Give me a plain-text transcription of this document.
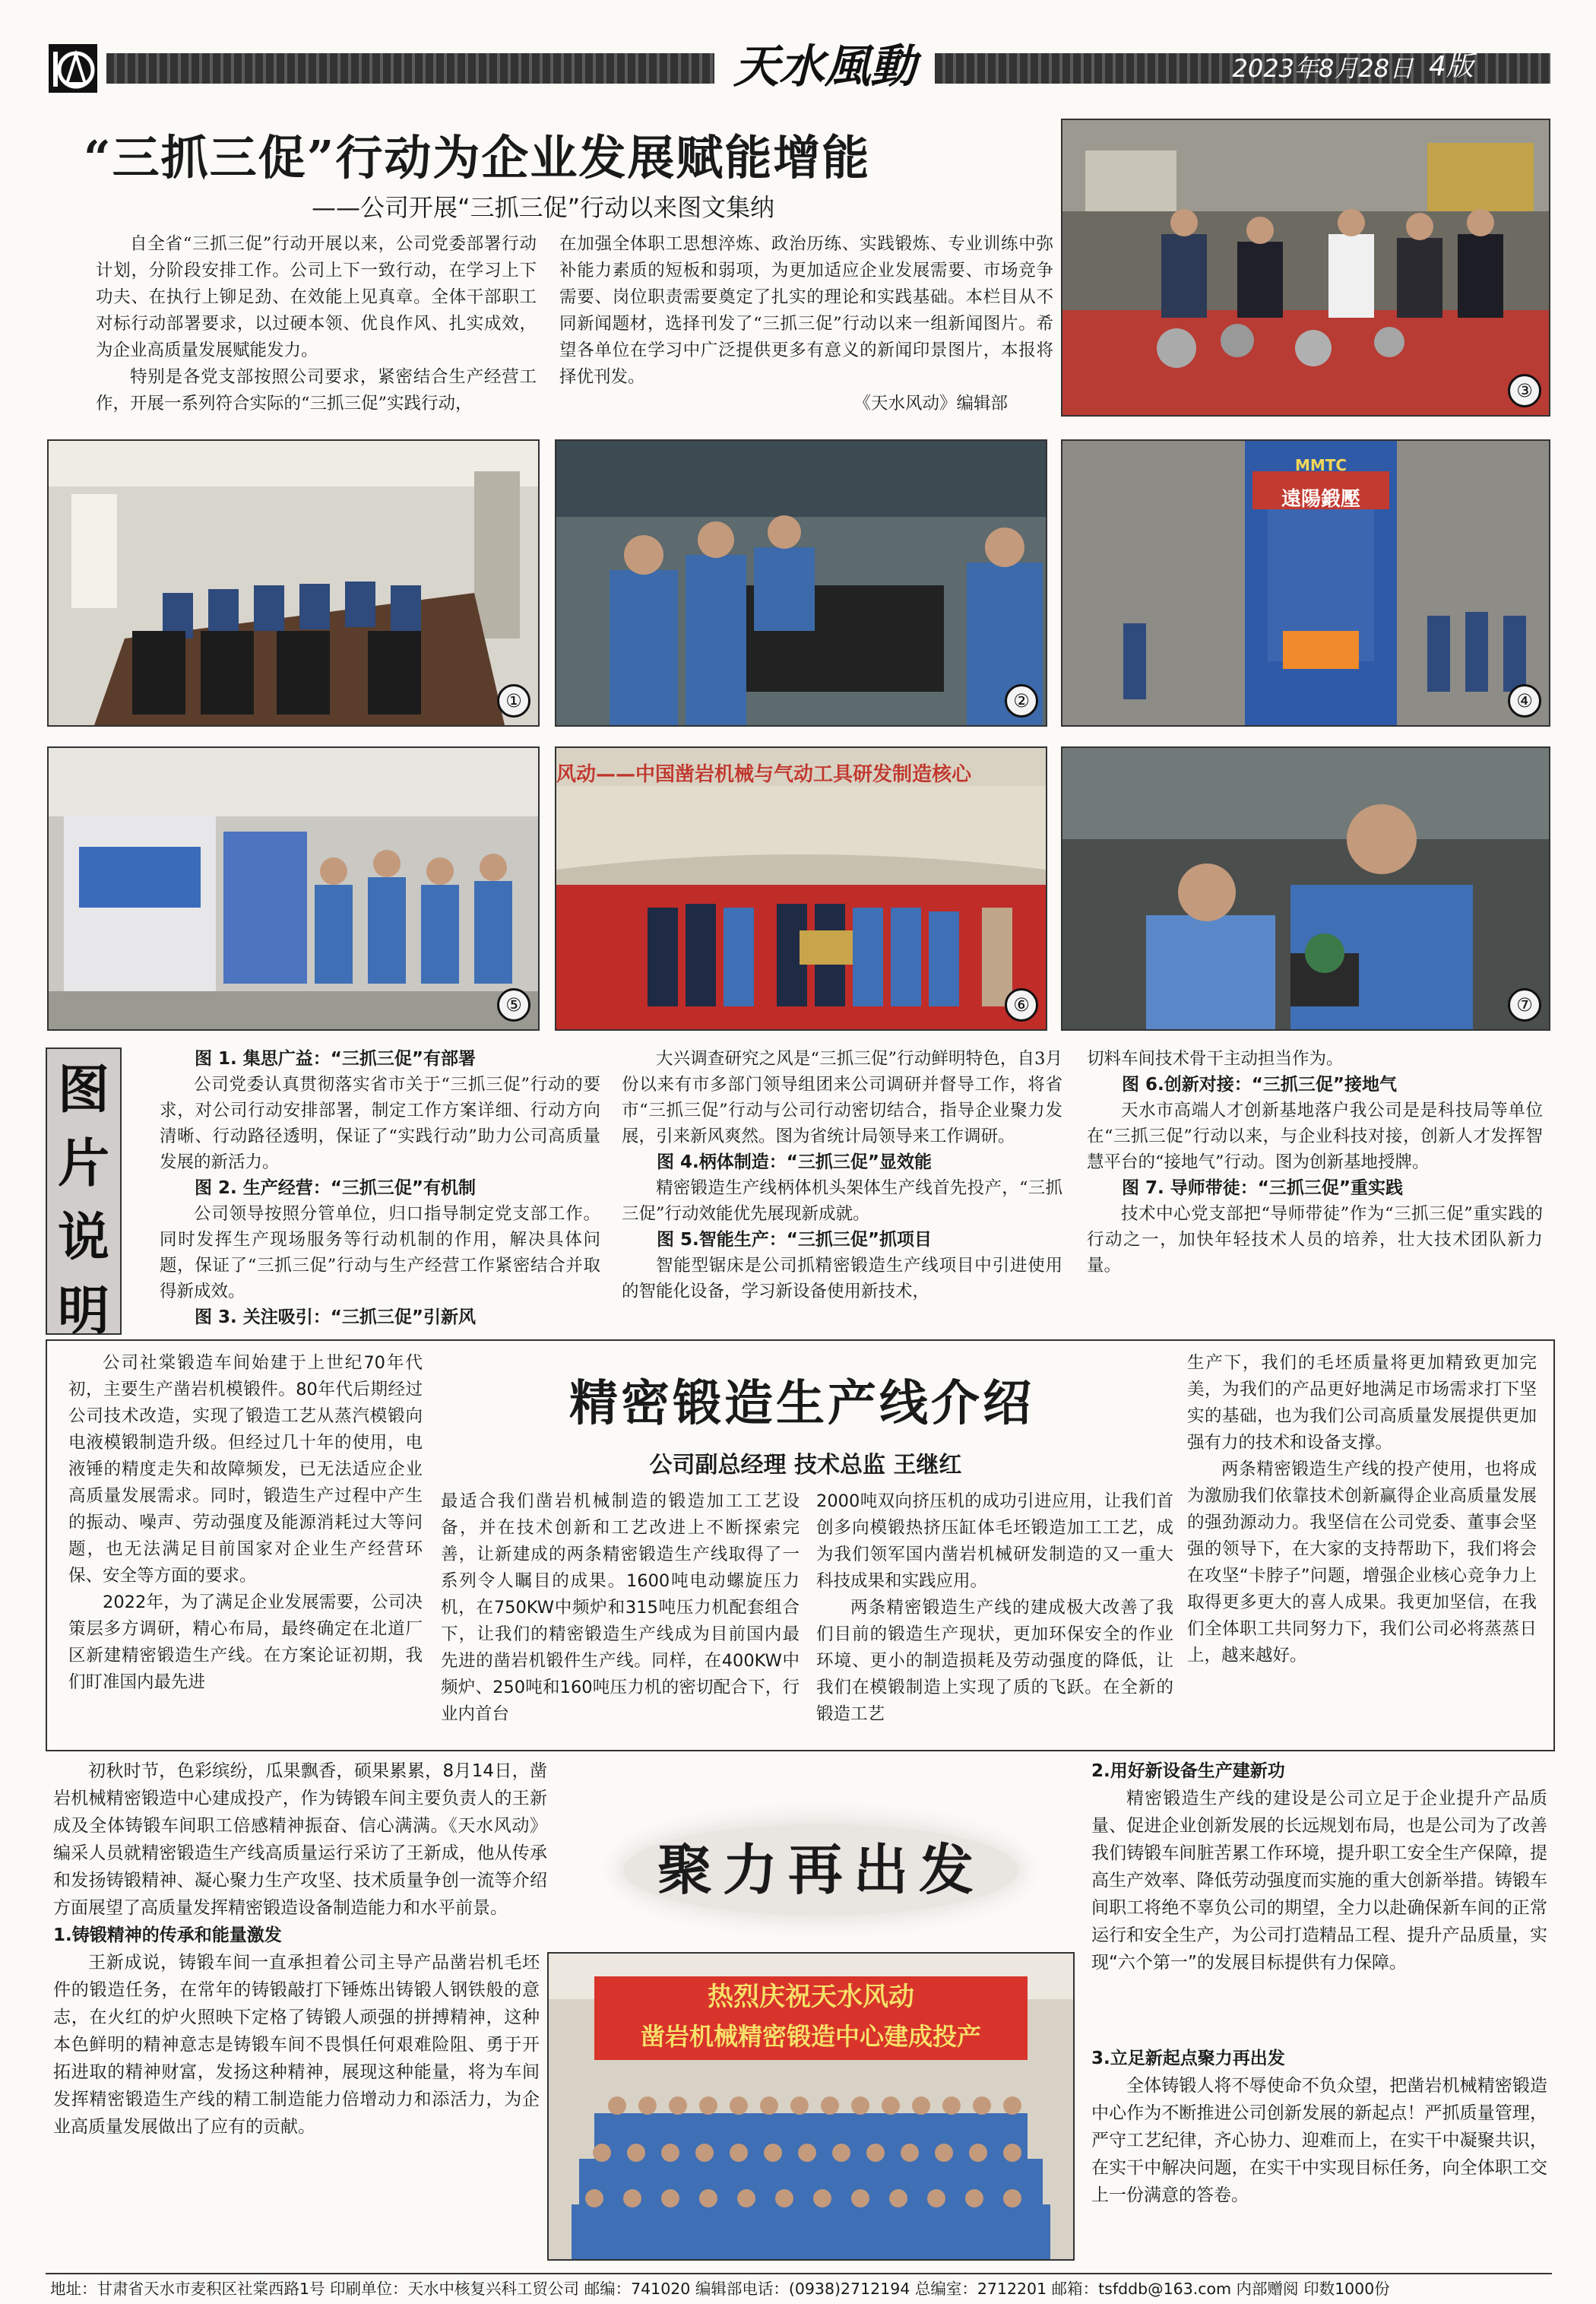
天水風動	2023年8月28日 4版
“三抓三促”行动为企业发展赋能增能
——公司开展“三抓三促”行动以来图文集纳

自全省“三抓三促”行动开展以来，公司党委部署行动计划，分阶段安排工作。公司上下一致行动，在学习上下功夫、在执行上铆足劲、在效能上见真章。全体干部职工对标行动部署要求，以过硬本领、优良作风、扎实成效，为企业高质量发展赋能发力。

特别是各党支部按照公司要求，紧密结合生产经营工作，开展一系列符合实际的“三抓三促”实践行动，

在加强全体职工思想淬炼、政治历练、实践锻炼、专业训练中弥补能力素质的短板和弱项，为更加适应企业发展需要、市场竞争需要、岗位职责需要奠定了扎实的理论和实践基础。本栏目从不同新闻题材，选择刊发了“三抓三促”行动以来一组新闻图片。希望各单位在学习中广泛提供更多有意义的新闻印景图片，本报将择优刊发。

《天水风动》编辑部

③
①	②
遠陽鍛壓
MMTC
④
⑤
风动——中国凿岩机械与气动工具研发制造核心
⑥	⑦
图
片
说
明

图 1. 集思广益：“三抓三促”有部署

公司党委认真贯彻落实省市关于“三抓三促”行动的要求，对公司行动安排部署，制定工作方案详细、行动方向清晰、行动路径透明，保证了“实践行动”助力公司高质量发展的新活力。

图 2. 生产经营：“三抓三促”有机制

公司领导按照分管单位，归口指导制定党支部工作。同时发挥生产现场服务等行动机制的作用，解决具体问题，保证了“三抓三促”行动与生产经营工作紧密结合并取得新成效。

图 3. 关注吸引：“三抓三促”引新风

大兴调查研究之风是“三抓三促”行动鲜明特色，自3月份以来有市多部门领导组团来公司调研并督导工作，将省市“三抓三促”行动与公司行动密切结合，指导企业聚力发展，引来新风爽然。图为省统计局领导来工作调研。

图 4.柄体制造：“三抓三促”显效能

精密锻造生产线柄体机头架体生产线首先投产，“三抓三促”行动效能优先展现新成就。

图 5.智能生产：“三抓三促”抓项目

智能型锯床是公司抓精密锻造生产线项目中引进使用的智能化设备，学习新设备使用新技术，

切料车间技术骨干主动担当作为。

图 6.创新对接：“三抓三促”接地气

天水市高端人才创新基地落户我公司是是科技局等单位在“三抓三促”行动以来，与企业科技对接，创新人才发挥智慧平台的“接地气”行动。图为创新基地授牌。

图 7. 导师带徒：“三抓三促”重实践

技术中心党支部把“导师带徒”作为“三抓三促”重实践的行动之一，加快年轻技术人员的培养，壮大技术团队新力量。

精密锻造生产线介绍
公司副总经理 技术总监 王继红

公司社棠锻造车间始建于上世纪70年代初，主要生产凿岩机模锻件。80年代后期经过公司技术改造，实现了锻造工艺从蒸汽模锻向电液模锻制造升级。但经过几十年的使用，电液锤的精度走失和故障频发，已无法适应企业高质量发展需求。同时，锻造生产过程中产生的振动、噪声、劳动强度及能源消耗过大等问题，也无法满足目前国家对企业生产经营环保、安全等方面的要求。

2022年，为了满足企业发展需要，公司决策层多方调研，精心布局，最终确定在北道厂区新建精密锻造生产线。在方案论证初期，我们盯准国内最先进

最适合我们凿岩机械制造的锻造加工工艺设备，并在技术创新和工艺改进上不断探索完善，让新建成的两条精密锻造生产线取得了一系列令人瞩目的成果。1600吨电动螺旋压力机，在750KW中频炉和315吨压力机配套组合下，让我们的精密锻造生产线成为目前国内最先进的凿岩机锻件生产线。同样，在400KW中频炉、250吨和160吨压力机的密切配合下，行业内首台

2000吨双向挤压机的成功引进应用，让我们首创多向模锻热挤压缸体毛坯锻造加工工艺，成为我们领军国内凿岩机械研发制造的又一重大科技成果和实践应用。

两条精密锻造生产线的建成极大改善了我们目前的锻造生产现状，更加环保安全的作业环境、更小的制造损耗及劳动强度的降低，让我们在模锻制造上实现了质的飞跃。在全新的锻造工艺

生产下，我们的毛坯质量将更加精致更加完美，为我们的产品更好地满足市场需求打下坚实的基础，也为我们公司高质量发展提供更加强有力的技术和设备支撑。

两条精密锻造生产线的投产使用，也将成为激励我们依靠技术创新赢得企业高质量发展的强劲源动力。我坚信在公司党委、董事会坚强的领导下，在大家的支持帮助下，我们将会在攻坚“卡脖子”问题，增强企业核心竞争力上取得更多更大的喜人成果。我更加坚信，在我们全体职工共同努力下，我们公司必将蒸蒸日上，越来越好。

聚力再出发

初秋时节，色彩缤纷，瓜果飘香，硕果累累，8月14日，凿岩机械精密锻造中心建成投产，作为铸锻车间主要负责人的王新成及全体铸锻车间职工倍感精神振奋、信心满满。《天水风动》编采人员就精密锻造生产线高质量运行采访了王新成，他从传承和发扬铸锻精神、凝心聚力生产攻坚、技术质量争创一流等介绍方面展望了高质量发挥精密锻造设备制造能力和水平前景。

1.铸锻精神的传承和能量激发

王新成说，铸锻车间一直承担着公司主导产品凿岩机毛坯件的锻造任务，在常年的铸锻敲打下锤炼出铸锻人钢铁般的意志，在火红的炉火照映下定格了铸锻人顽强的拼搏精神，这种本色鲜明的精神意志是铸锻车间不畏惧任何艰难险阻、勇于开拓进取的精神财富，发扬这种精神，展现这种能量，将为车间发挥精密锻造生产线的精工制造能力倍增动力和添活力，为企业高质量发展做出了应有的贡献。

热烈庆祝天水风动
凿岩机械精密锻造中心建成投产

2.用好新设备生产建新功

精密锻造生产线的建设是公司立足于企业提升产品质量、促进企业创新发展的长远规划布局，也是公司为了改善我们铸锻车间脏苦累工作环境，提升职工安全生产保障，提高生产效率、降低劳动强度而实施的重大创新举措。铸锻车间职工将绝不辜负公司的期望，全力以赴确保新车间的正常运行和安全生产，为公司打造精品工程、提升产品质量，实现“六个第一”的发展目标提供有力保障。

3.立足新起点聚力再出发

全体铸锻人将不辱使命不负众望，把凿岩机械精密锻造中心作为不断推进公司创新发展的新起点！严抓质量管理，严守工艺纪律，齐心协力、迎难而上，在实干中凝聚共识，在实干中解决问题，在实干中实现目标任务，向全体职工交上一份满意的答卷。

地址：甘肃省天水市麦积区社棠西路1号 印刷单位：天水中核复兴科工贸公司 邮编：741020 编辑部电话：(0938)2712194 总编室：2712201 邮箱：tsfddb@163.com 内部赠阅 印数1000份
